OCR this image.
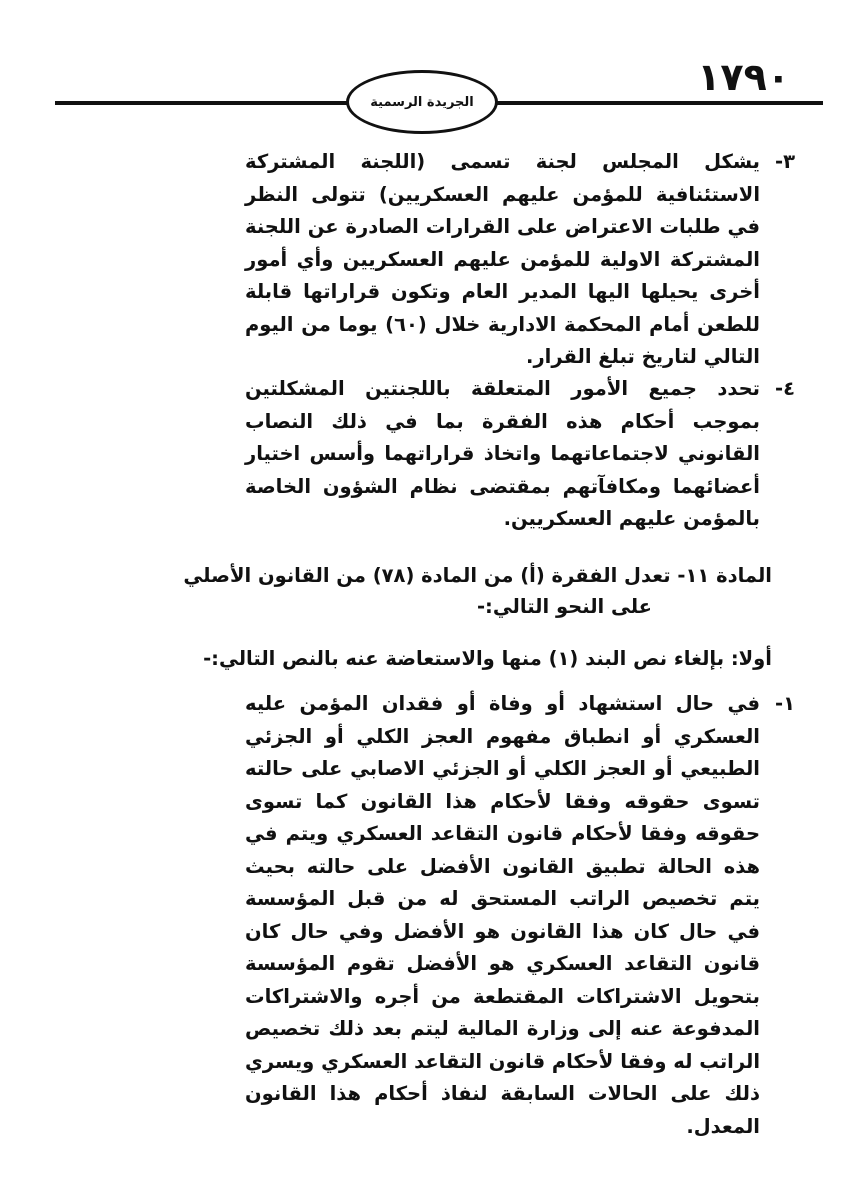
١٧٩٠
الجريدة الرسمية
٣-
يشكل المجلس لجنة تسمى (اللجنة المشتركة الاستئنافية للمؤمن عليهم العسكريين) تتولى النظر في طلبات الاعتراض على القرارات الصادرة عن اللجنة المشتركة الاولية للمؤمن عليهم العسكريين وأي أمور أخرى يحيلها اليها المدير العام وتكون قراراتها قابلة للطعن أمام المحكمة الادارية خلال (٦٠) يوما من اليوم التالي لتاريخ تبلغ القرار.
٤-
تحدد جميع الأمور المتعلقة باللجنتين المشكلتين بموجب أحكام هذه الفقرة بما في ذلك النصاب القانوني لاجتماعاتهما واتخاذ قراراتهما وأسس اختيار أعضائهما ومكافآتهم بمقتضى نظام الشؤون الخاصة بالمؤمن عليهم العسكريين.
المادة ١١- تعدل الفقرة (أ) من المادة (٧٨) من القانون الأصلي
على النحو التالي:-
أولا: بإلغاء نص البند (١) منها والاستعاضة عنه بالنص التالي:-
١-
في حال استشهاد أو وفاة أو فقدان المؤمن عليه العسكري أو انطباق مفهوم العجز الكلي أو الجزئي الطبيعي أو العجز الكلي أو الجزئي الاصابي على حالته تسوى حقوقه وفقا لأحكام هذا القانون كما تسوى حقوقه وفقا لأحكام قانون التقاعد العسكري ويتم في هذه الحالة تطبيق القانون الأفضل على حالته بحيث يتم تخصيص الراتب المستحق له من قبل المؤسسة في حال كان هذا القانون هو الأفضل وفي حال كان قانون التقاعد العسكري هو الأفضل تقوم المؤسسة بتحويل الاشتراكات المقتطعة من أجره والاشتراكات المدفوعة عنه إلى وزارة المالية ليتم بعد ذلك تخصيص الراتب له وفقا لأحكام قانون التقاعد العسكري ويسري ذلك على الحالات السابقة لنفاذ أحكام هذا القانون المعدل.
